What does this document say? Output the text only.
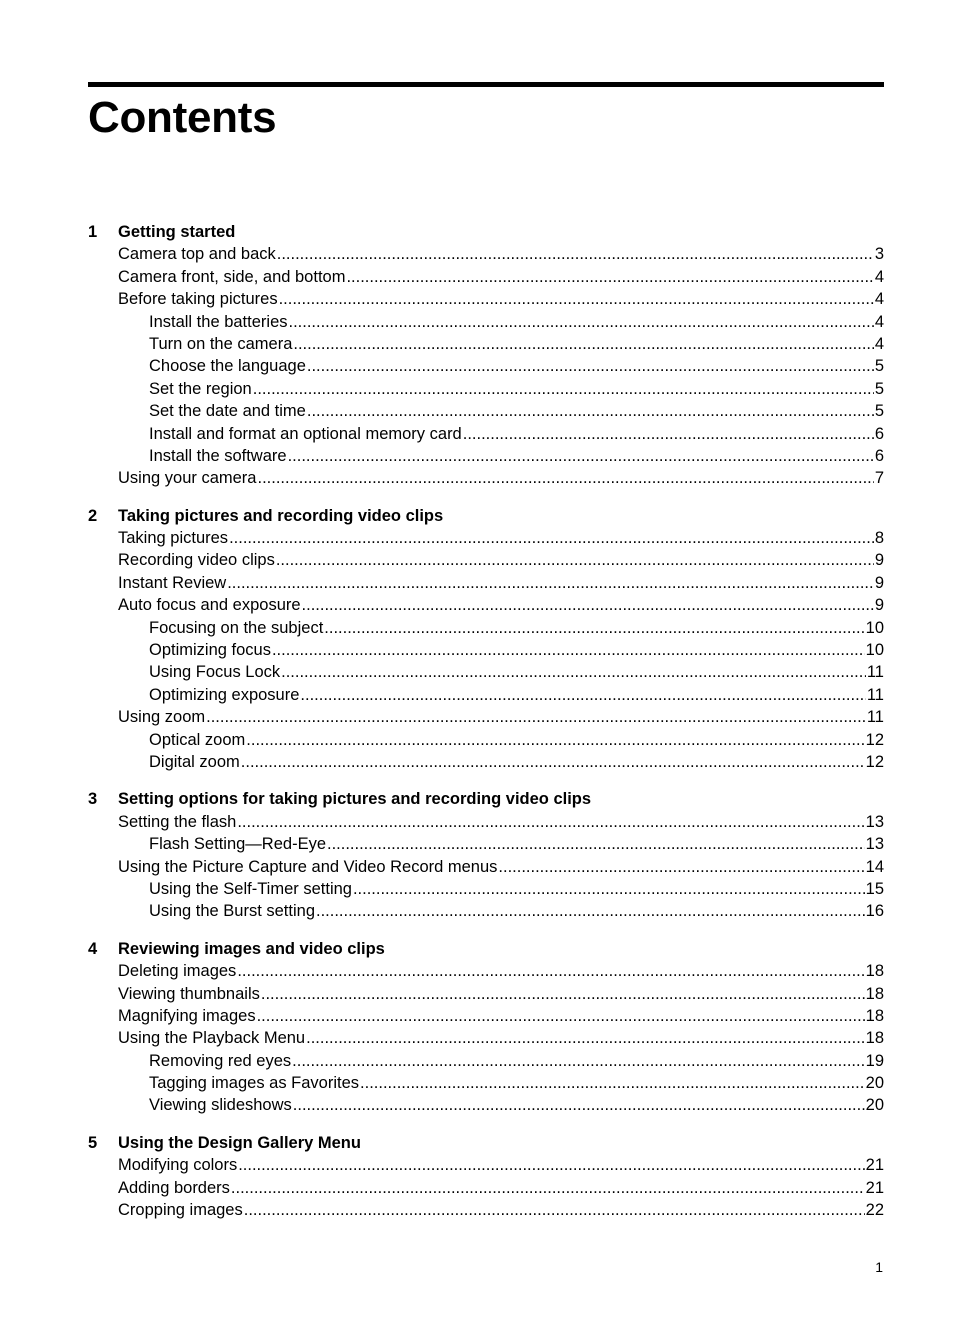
Contents
1	Getting started
Camera top and back .....	3
Camera front, side, and bottom .....	4
Before taking pictures .....	4
Install the batteries .....	4
Turn on the camera .....	4
Choose the language .....	5
Set the region .....	5
Set the date and time .....	5
Install and format an optional memory card .....	6
Install the software .....	6
Using your camera .....	7
2	Taking pictures and recording video clips
Taking pictures .....	8
Recording video clips .....	9
Instant Review .....	9
Auto focus and exposure .....	9
Focusing on the subject .....	10
Optimizing focus .....	10
Using Focus Lock .....	11
Optimizing exposure .....	11
Using zoom .....	11
Optical zoom .....	12
Digital zoom .....	12
3	Setting options for taking pictures and recording video clips
Setting the flash .....	13
Flash Setting—Red-Eye .....	13
Using the Picture Capture and Video Record menus .....	14
Using the Self-Timer setting .....	15
Using the Burst setting .....	16
4	Reviewing images and video clips
Deleting images .....	18
Viewing thumbnails .....	18
Magnifying images .....	18
Using the Playback Menu .....	18
Removing red eyes .....	19
Tagging images as Favorites .....	20
Viewing slideshows .....	20
5	Using the Design Gallery Menu
Modifying colors .....	21
Adding borders .....	21
Cropping images .....	22
1
